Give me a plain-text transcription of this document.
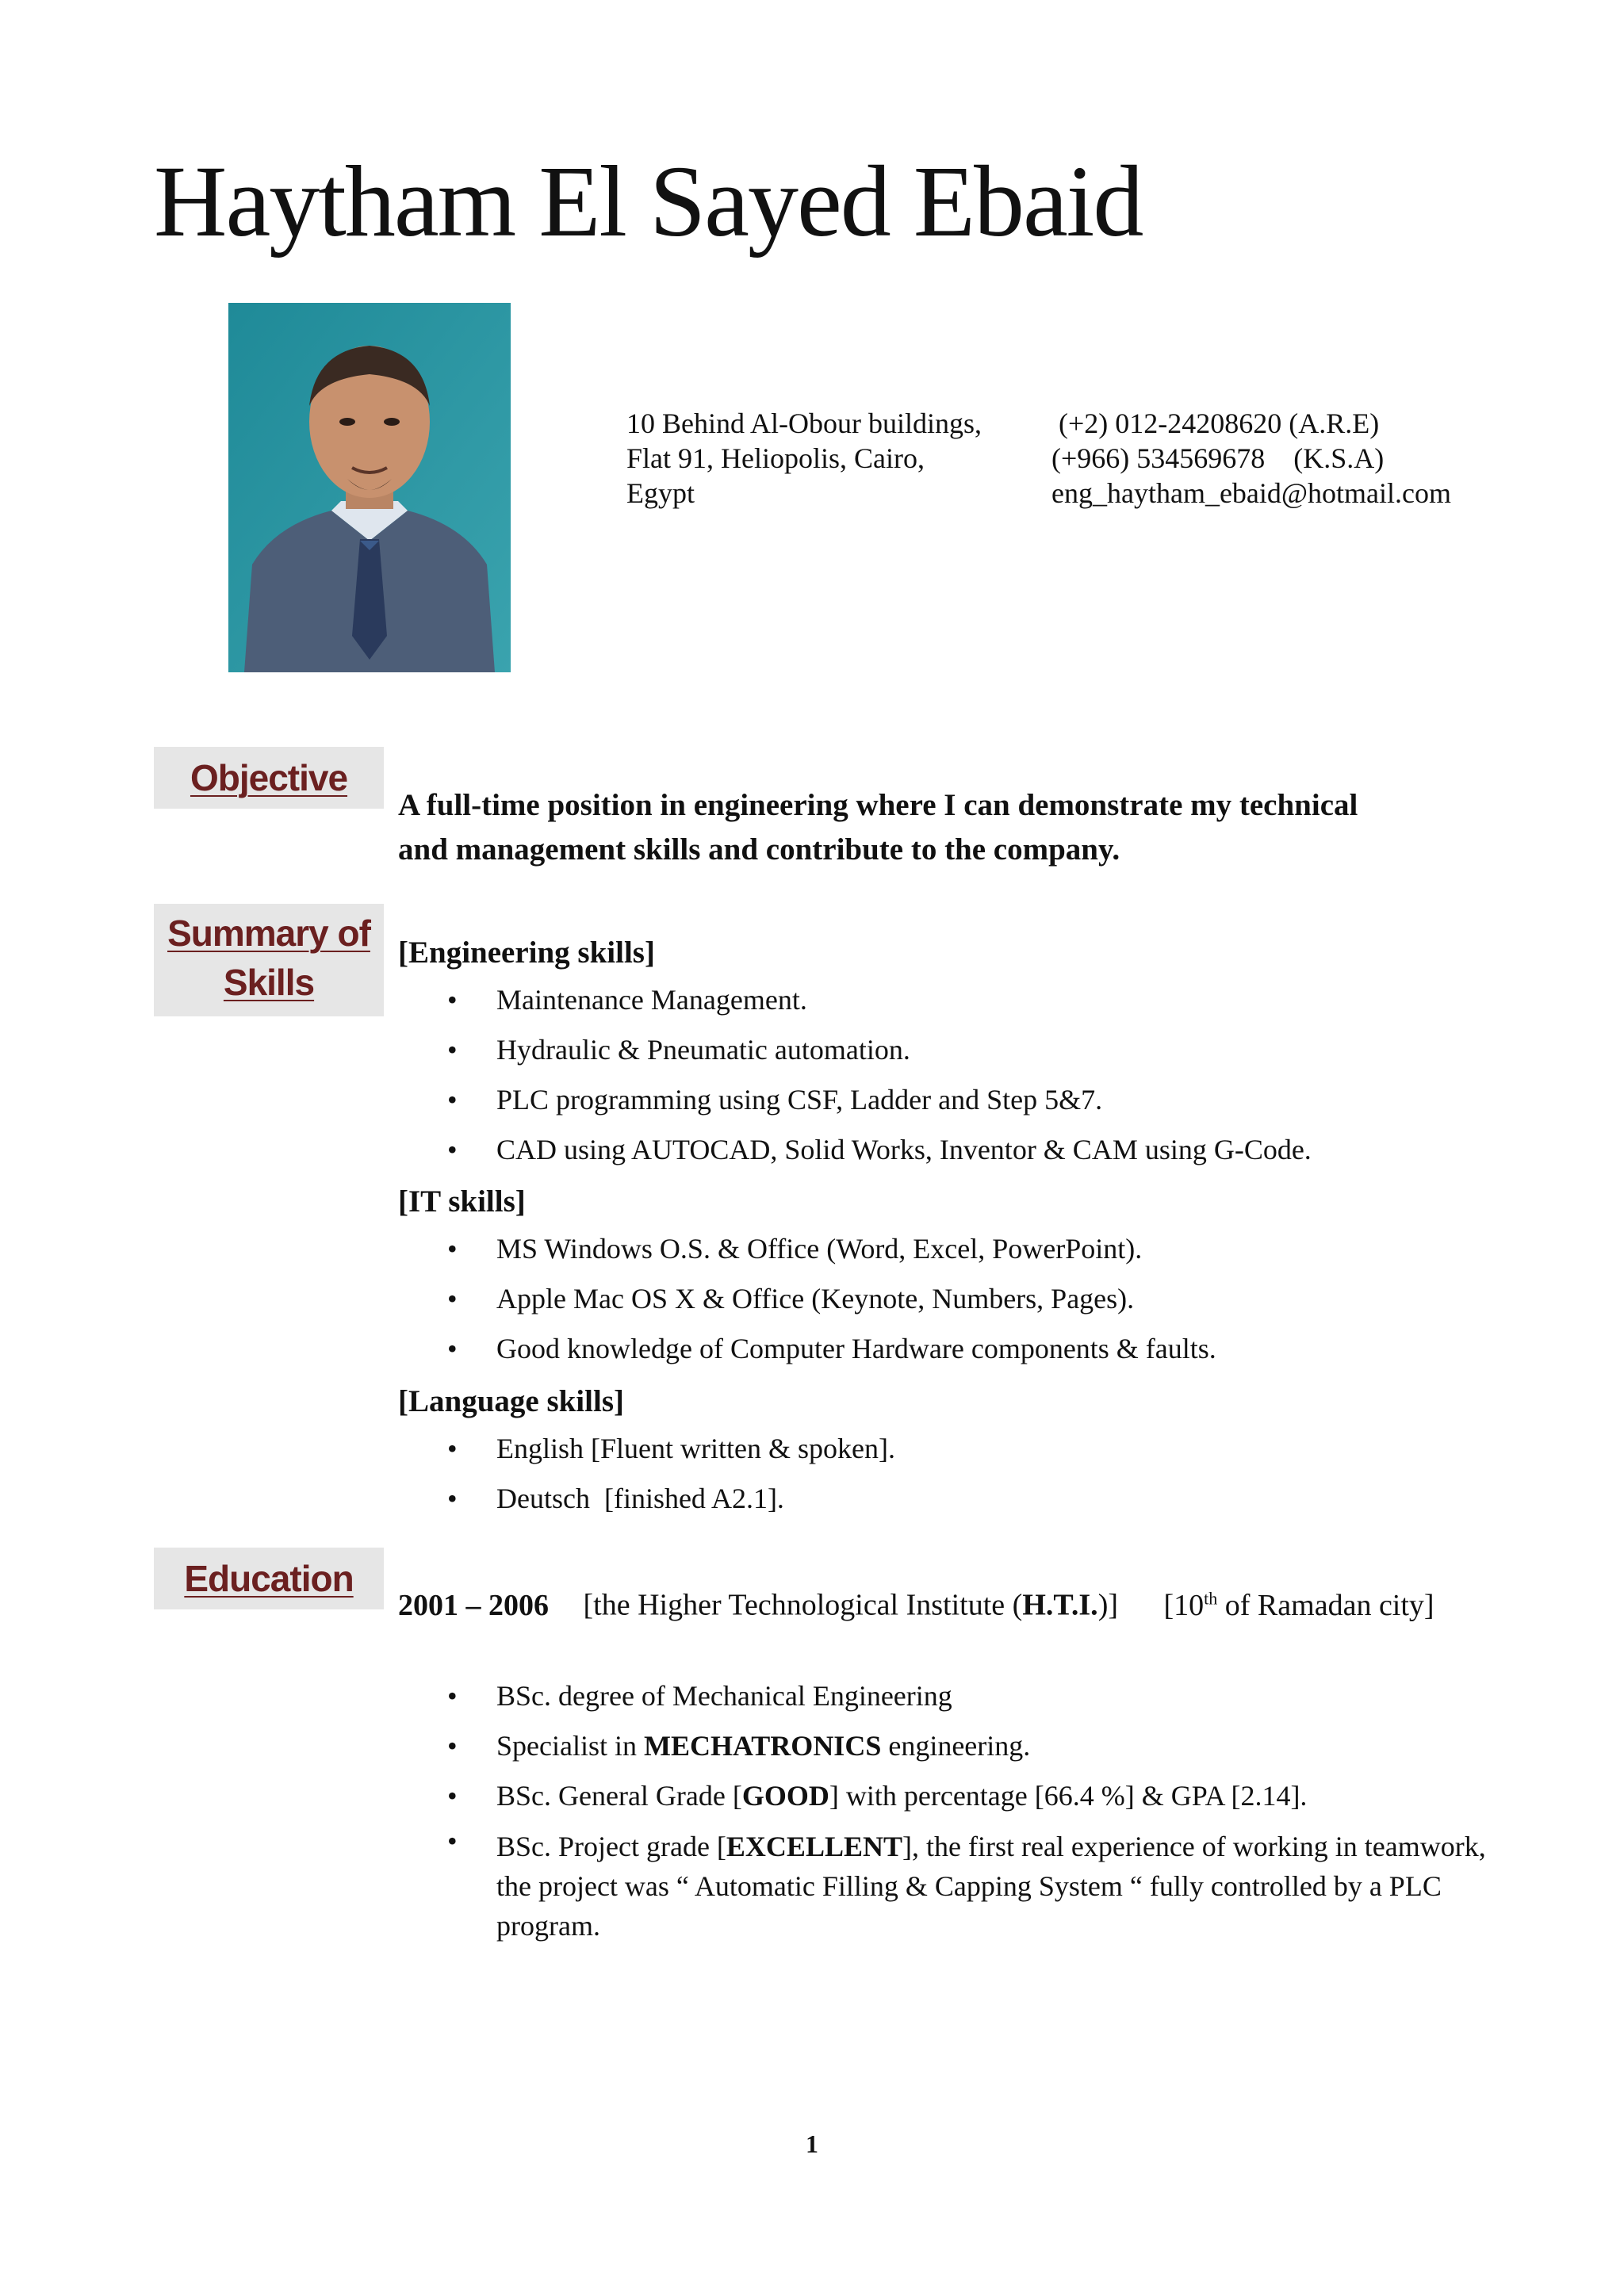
Haytham El Sayed Ebaid
10 Behind Al-Obour buildings,
Flat 91, Heliopolis, Cairo,
Egypt
(+2) 012-24208620 (A.R.E)
(+966) 534569678    (K.S.A)
eng_haytham_ebaid@hotmail.com
Objective
A full-time position in engineering where I can demonstrate my technical
and management skills and contribute to the company.
Summary of
Skills
[Engineering skills]
• Maintenance Management.
• Hydraulic & Pneumatic automation.
• PLC programming using CSF, Ladder and Step 5&7.
• CAD using AUTOCAD, Solid Works, Inventor & CAM using G-Code.
[IT skills]
• MS Windows O.S. & Office (Word, Excel, PowerPoint).
• Apple Mac OS X & Office (Keynote, Numbers, Pages).
• Good knowledge of Computer Hardware components & faults.
[Language skills]
• English [Fluent written & spoken].
• Deutsch  [finished A2.1].
Education
2001 – 2006 [the Higher Technological Institute (H.T.I.)] [10th of Ramadan city]
• BSc. degree of Mechanical Engineering
• Specialist in MECHATRONICS engineering.
• BSc. General Grade [GOOD] with percentage [66.4 %] & GPA [2.14].
• BSc. Project grade [EXCELLENT], the first real experience of working in teamwork, the project was “ Automatic Filling & Capping System “ fully controlled by a PLC program.
1
